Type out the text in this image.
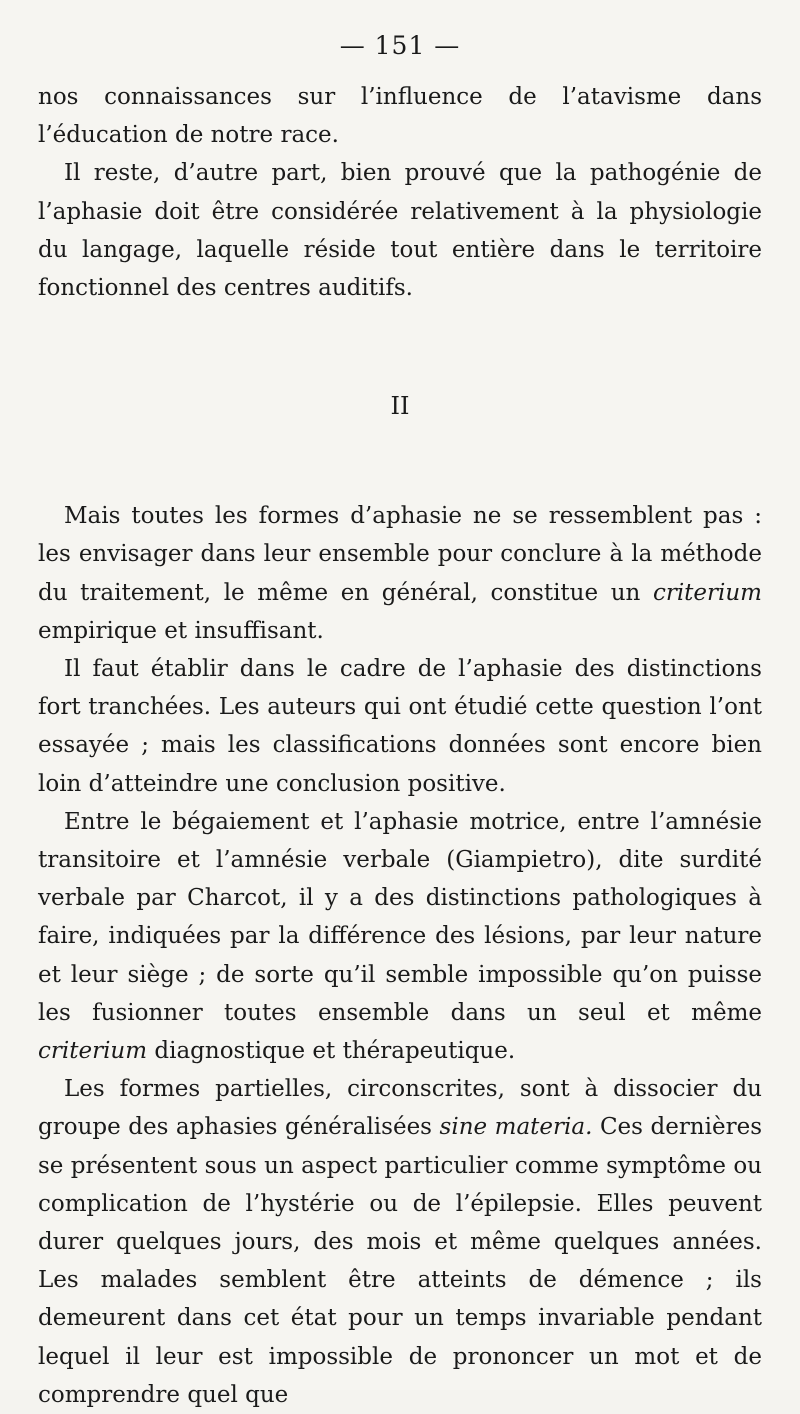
— 151 —

nos connaissances sur l’influence de l’atavisme dans l’éducation de notre race.

Il reste, d’autre part, bien prouvé que la pathogénie de l’aphasie doit être considérée relativement à la physiologie du langage, laquelle réside tout entière dans le territoire fonctionnel des centres auditifs.

II

Mais toutes les formes d’aphasie ne se ressemblent pas : les envisager dans leur ensemble pour conclure à la méthode du traitement, le même en général, constitue un criterium empirique et insuffisant.

Il faut établir dans le cadre de l’aphasie des distinctions fort tranchées. Les auteurs qui ont étudié cette question l’ont essayée ; mais les classifications données sont encore bien loin d’atteindre une conclusion positive.

Entre le bégaiement et l’aphasie motrice, entre l’amnésie transitoire et l’amnésie verbale (Giampietro), dite surdité verbale par Charcot, il y a des distinctions pathologiques à faire, indiquées par la différence des lésions, par leur nature et leur siège ; de sorte qu’il semble impossible qu’on puisse les fusionner toutes ensemble dans un seul et même criterium diagnostique et thérapeutique.

Les formes partielles, circonscrites, sont à dissocier du groupe des aphasies généralisées sine materia. Ces dernières se présentent sous un aspect particulier comme symptôme ou complication de l’hystérie ou de l’épilepsie. Elles peuvent durer quelques jours, des mois et même quelques années. Les malades semblent être atteints de démence ; ils demeurent dans cet état pour un temps invariable pendant lequel il leur est impossible de prononcer un mot et de comprendre quel que
